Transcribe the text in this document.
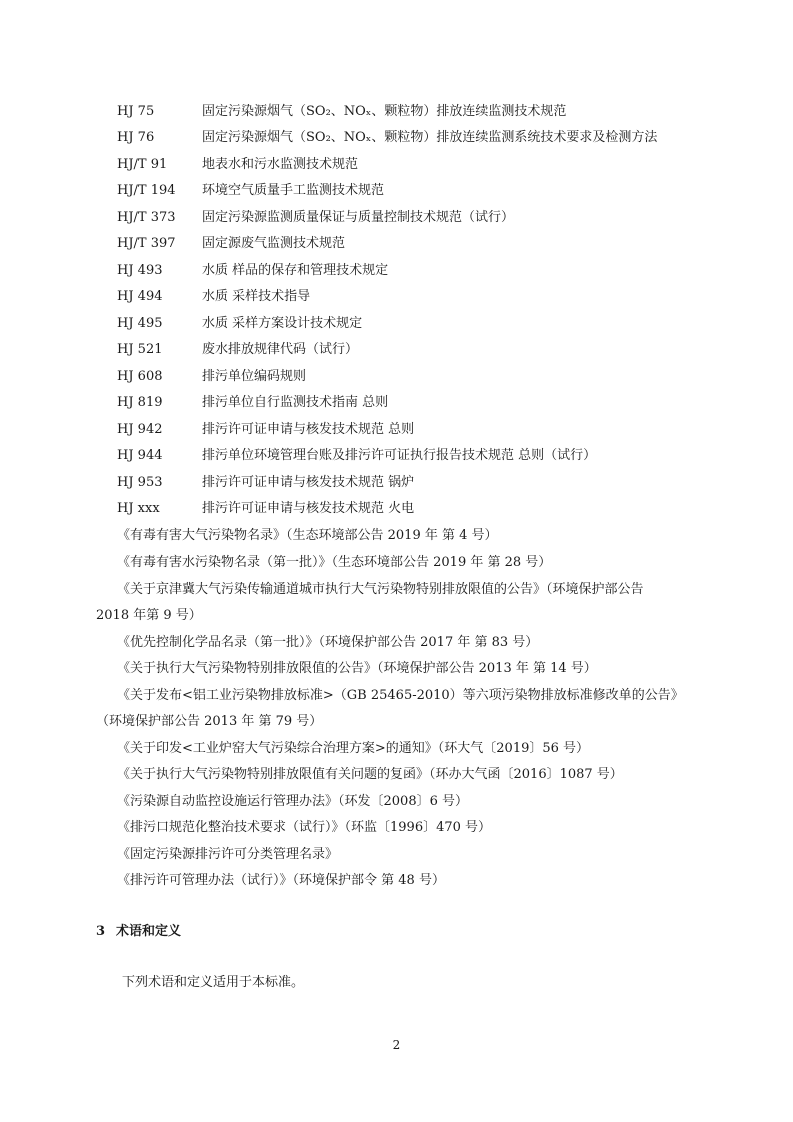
HJ 75	固定污染源烟气（SO₂、NOₓ、颗粒物）排放连续监测技术规范
HJ 76	固定污染源烟气（SO₂、NOₓ、颗粒物）排放连续监测系统技术要求及检测方法
HJ/T 91	地表水和污水监测技术规范
HJ/T 194 环境空气质量手工监测技术规范
HJ/T 373 固定污染源监测质量保证与质量控制技术规范（试行）
HJ/T 397 固定源废气监测技术规范
HJ 493	水质 样品的保存和管理技术规定
HJ 494	水质 采样技术指导
HJ 495	水质 采样方案设计技术规定
HJ 521	废水排放规律代码（试行）
HJ 608	排污单位编码规则
HJ 819	排污单位自行监测技术指南 总则
HJ 942	排污许可证申请与核发技术规范 总则
HJ 944	排污单位环境管理台账及排污许可证执行报告技术规范 总则（试行）
HJ 953	排污许可证申请与核发技术规范 锅炉
HJ xxx	排污许可证申请与核发技术规范 火电
《有毒有害大气污染物名录》（生态环境部公告 2019 年 第 4 号）
《有毒有害水污染物名录（第一批）》（生态环境部公告 2019 年 第 28 号）
《关于京津冀大气污染传输通道城市执行大气污染物特别排放限值的公告》（环境保护部公告
2018 年第 9 号）
《优先控制化学品名录（第一批）》（环境保护部公告 2017 年 第 83 号）
《关于执行大气污染物特别排放限值的公告》（环境保护部公告 2013 年 第 14 号）
《关于发布<铝工业污染物排放标准>（GB 25465-2010）等六项污染物排放标准修改单的公告》
（环境保护部公告 2013 年 第 79 号）
《关于印发<工业炉窑大气污染综合治理方案>的通知》（环大气〔2019〕56 号）
《关于执行大气污染物特别排放限值有关问题的复函》（环办大气函〔2016〕1087 号）
《污染源自动监控设施运行管理办法》（环发〔2008〕6 号）
《排污口规范化整治技术要求（试行）》（环监〔1996〕470 号）
《固定污染源排污许可分类管理名录》
《排污许可管理办法（试行）》（环境保护部令 第 48 号）
3 术语和定义
下列术语和定义适用于本标准。
2
